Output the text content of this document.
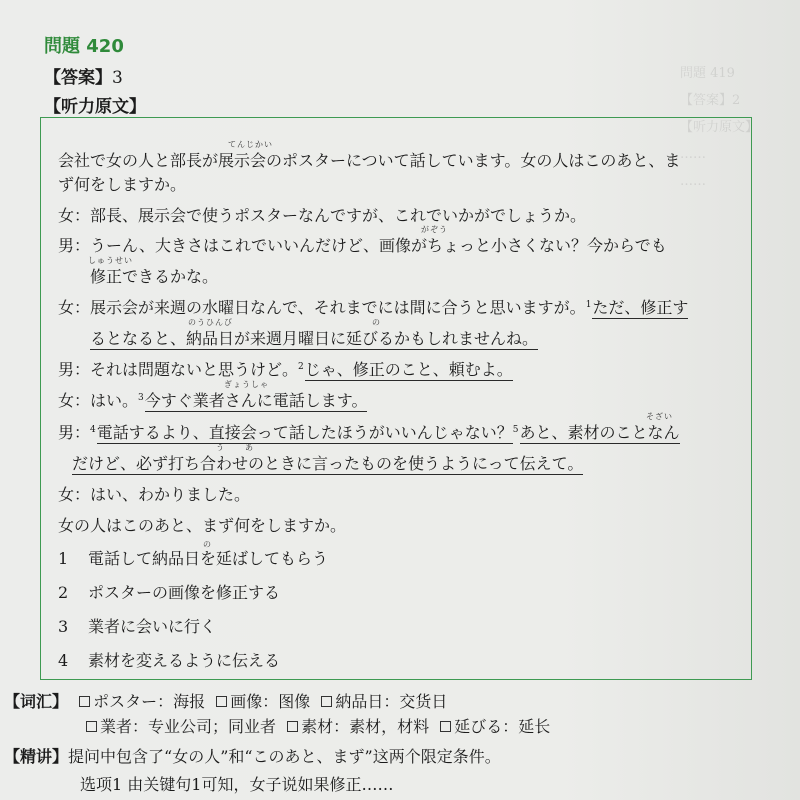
問題 419
【答案】2
【听力原文】
……
……
問題 420
【答案】3
【听力原文】
会社で女の人と部長が展示会のポスターについて話しています。女の人はこのあと、ま
てんじかい
ず何をしますか。
女：部長、展示会で使うポスターなんですが、これでいかがでしょうか。
男：うーん、大きさはこれでいいんだけど、画像がちょっと小さくない？今からでも
がぞう
修正できるかな。
しゅうせい
女：展示会が来週の水曜日なんで、それまでには間に合うと思いますが。$^1$ただ、修正す
るとなると、納品日が来週月曜日に延びるかもしれませんね。
のうひんび	の
男：それは問題ないと思うけど。$^2$じゃ、修正のこと、頼むよ。
女：はい。$^3$今すぐ業者さんに電話します。
ぎょうしゃ
男：$^4$電話するより、直接会って話したほうがいいんじゃない？$^5$あと、素材のことなん
そざい
だけど、必ず打ち合わせのときに言ったものを使うようにって伝えて。
う	あ
女：はい、わかりました。
女の人はこのあと、まず何をしますか。
1 電話して納品日を延ばしてもらう
2 ポスターの画像を修正する
3 業者に会いに行く
4 素材を変えるように伝える
の
【词汇】 ポスター：海报 画像：图像 納品日：交货日
業者：专业公司；同业者 素材：素材，材料 延びる：延长
【精讲】提问中包含了“女の人”和“このあと、まず”这两个限定条件。
选项1 由关键句1可知，女子说如果修正……
